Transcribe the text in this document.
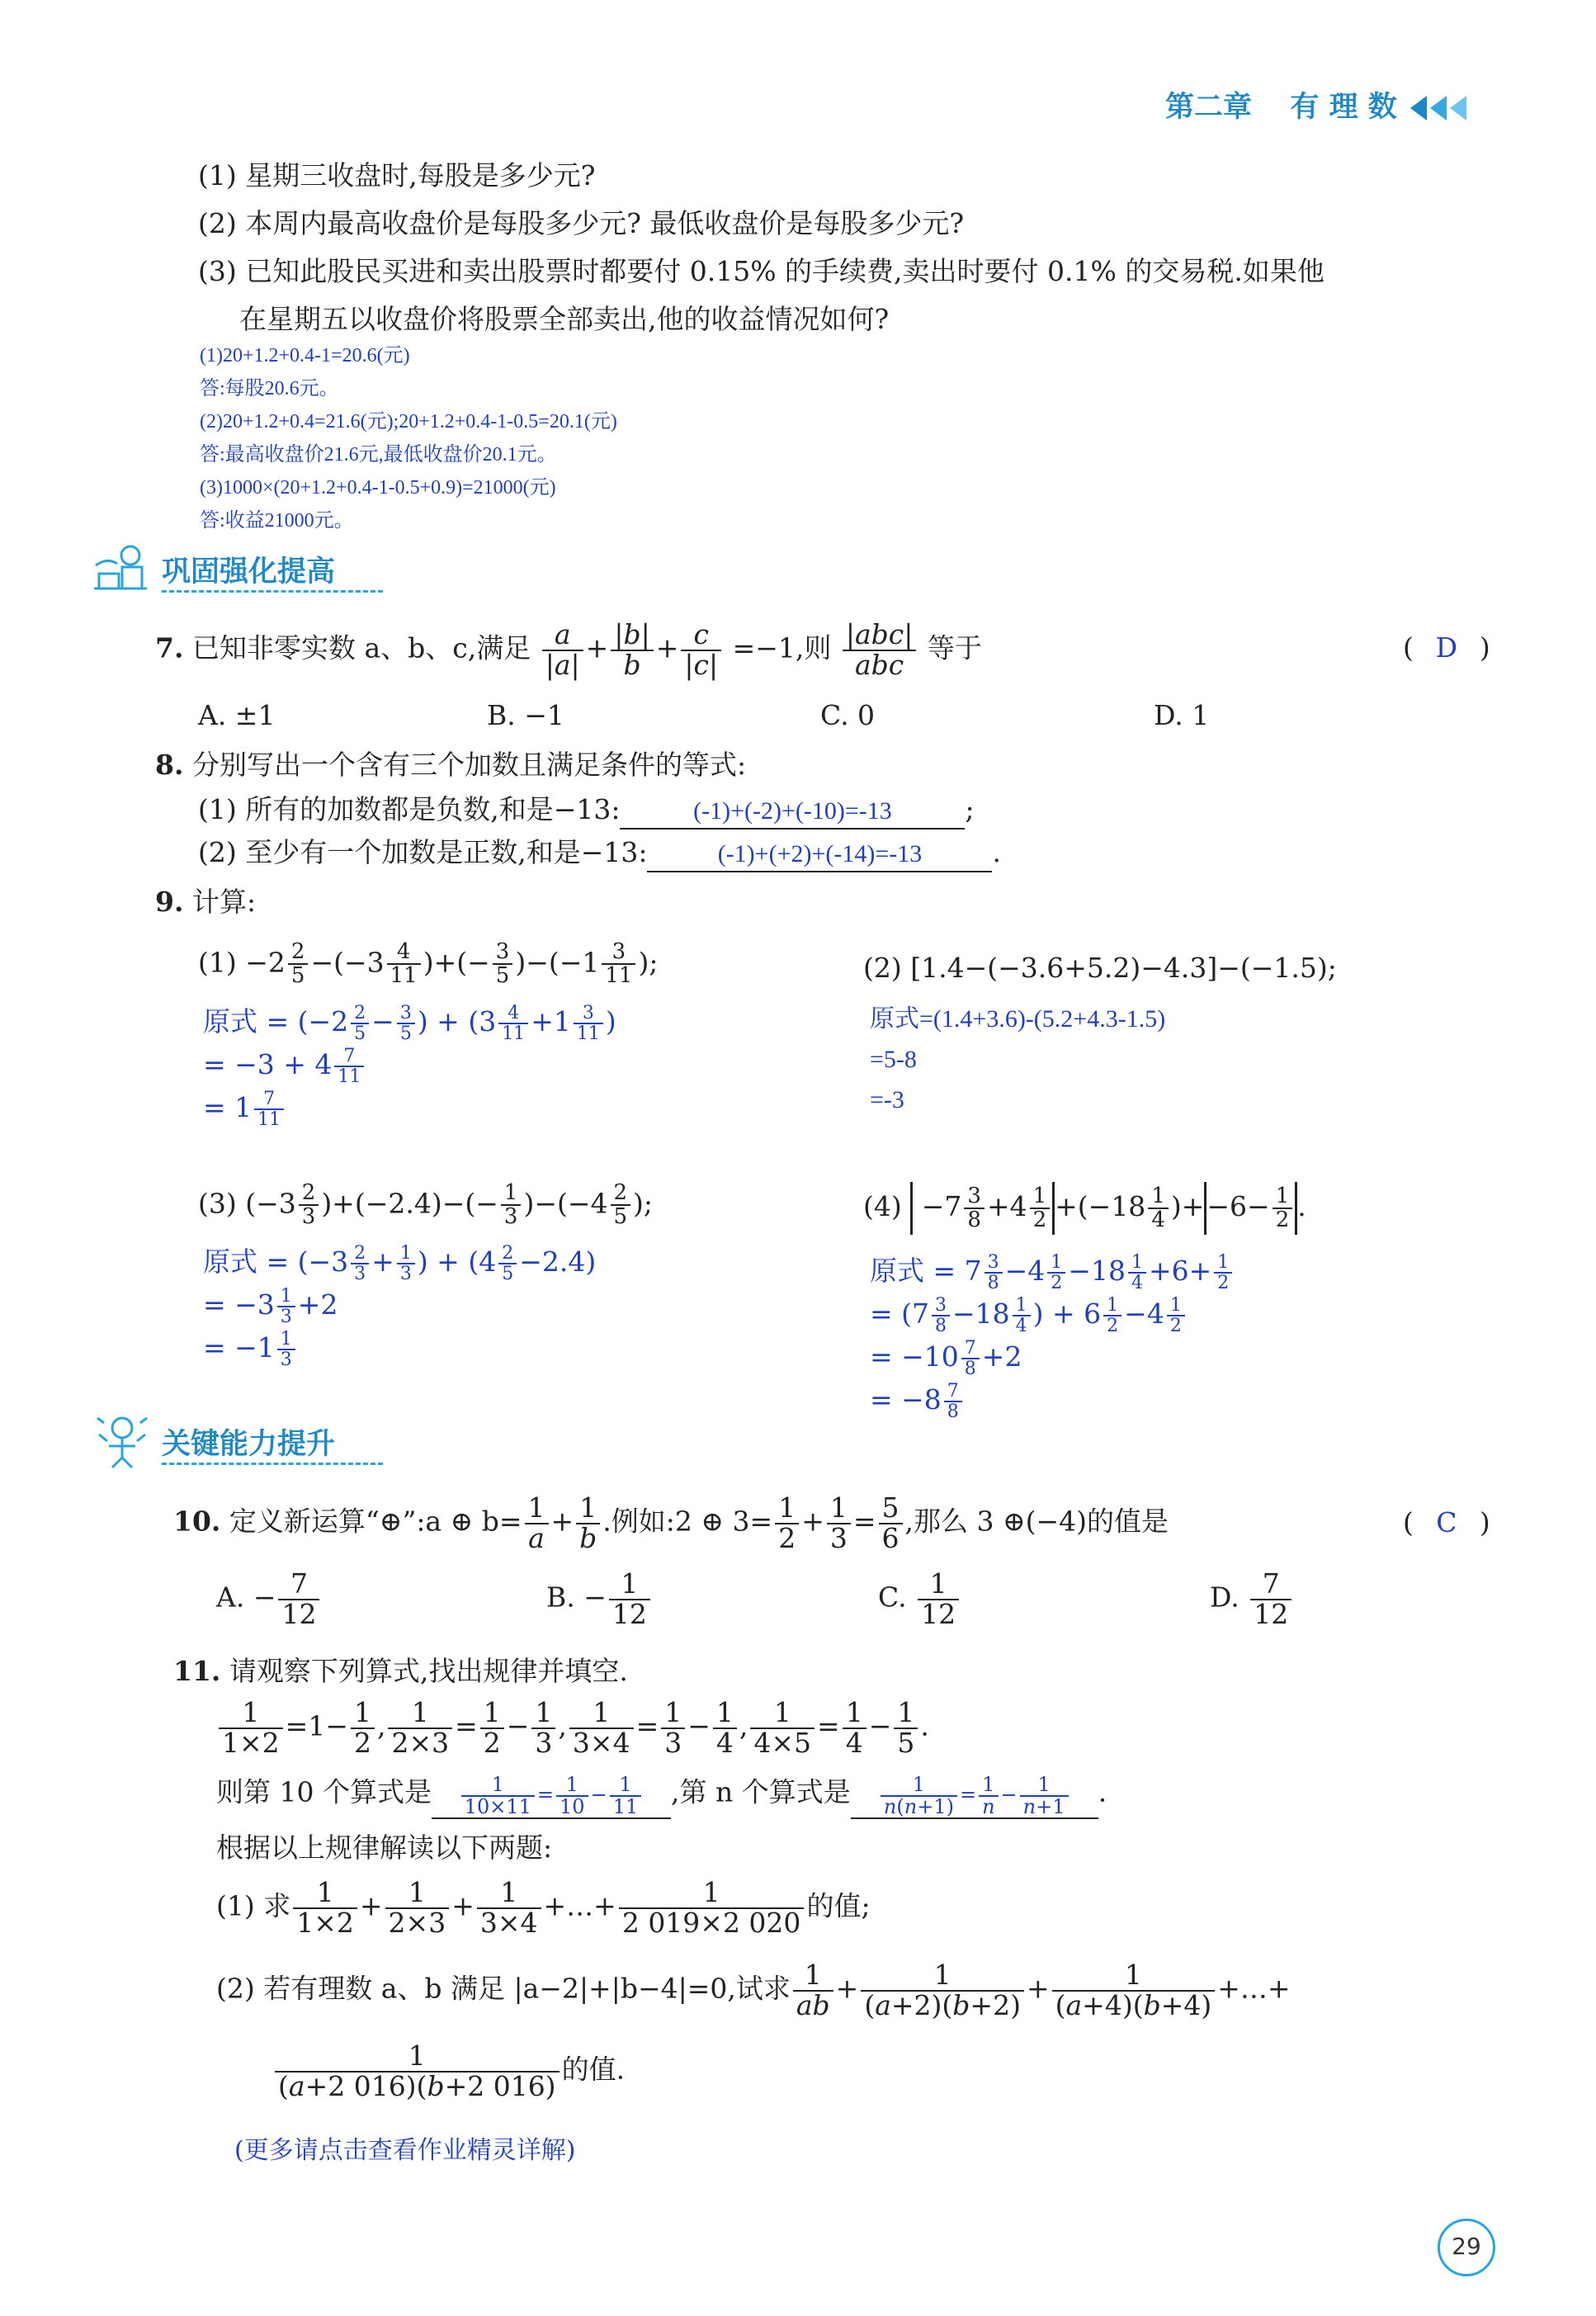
第二章 有 理 数
(1) 星期三收盘时,每股是多少元?
(2) 本周内最高收盘价是每股多少元? 最低收盘价是每股多少元?
(3) 已知此股民买进和卖出股票时都要付 0.15% 的手续费,卖出时要付 0.1% 的交易税.如果他
在星期五以收盘价将股票全部卖出,他的收益情况如何?
(1)20+1.2+0.4-1=20.6(元)
答:每股20.6元。
(2)20+1.2+0.4=21.6(元);20+1.2+0.4-1-0.5=20.1(元)
答:最高收盘价21.6元,最低收盘价20.1元。
(3)1000×(20+1.2+0.4-1-0.5+0.9)=21000(元)
答:收益21000元。
巩固强化提高
7. 已知非零实数 a、b、c,满足 $\frac{a}{|a|} + \frac{|b|}{b} + \frac{c}{|c|} =-1$,则 |abc|
abc
等于	( D )
A. ±1	B. −1	C. 0	D. 1
8. 分别写出一个含有三个加数且满足条件的等式:
(1) 所有的加数都是负数,和是−13:	(-1)+(-2)+(-10)=-13	;
(2) 至少有一个加数是正数,和是−13:	(-1)+(+2)+(-14)=-13	.
9. 计算:
$(1) -2 \frac{2}{5} -(-3 \frac{4}{11}$ )+(− $\frac{3}{5} )-(-1 \frac{3}{11}$ );
原式 = ($-2 \frac{2}{5} - \frac{3}{5}$ ) + ($3 \frac{4}{11} +1 \frac{3}{11}$ )
= $-3 + 4 \frac{7}{11}$

= $1 \frac{7}{11}$
(2) [1.4−(−3.6+5.2)−4.3]−(−1.5);
原式=(1.4+3.6)-(5.2+4.3-1.5)
=5-8
=-3
(3) $(-3 \frac{2}{3} )+(-2.4)-(- \frac{1}{3} )-(-4 \frac{2}{5}$ );
原式 = ($-3 \frac{2}{3} + \frac{1}{3}$ ) + $(4 \frac{2}{5} -2.4)$
= $-3 \frac{1}{3} +2$
= $-1 \frac{1}{3}$
$(4) -7 \frac{3}{8} +4 \frac{1}{2} +(-18 \frac{1}{4} )+-6- \frac{1}{2}$ .
原式 = $7 \frac{3}{8} -4 \frac{1}{2} -18 \frac{1}{4} +6+ \frac{1}{2}$

= ($7 \frac{3}{8} -18 \frac{1}{4}$ ) + $6 \frac{1}{2} -4 \frac{1}{2}$

= $-10 \frac{7}{8} +2$
= $-8 \frac{7}{8}$
关键能力提升
10. 定义新运算“⊕”:a ⊕ $b= \frac{1}{a} + \frac{1}{b}$ .例如:2 ⊕ $3= \frac{1}{2} + \frac{1}{3} = \frac{5}{6}$ ,那么 3 ⊕(−4)的值是	( C )
A. − $\frac{7}{12}$	B. − $\frac{1}{12}$	C. $\frac{1}{12}$	D. $\frac{7}{12}$
11. 请观察下列算式,找出规律并填空.
$\frac{1}{1\times 2} =1- \frac{1}{2}$ , $\frac{1}{2\times 3} = \frac{1}{2} - \frac{1}{3}$ , $\frac{1}{3\times 4} = \frac{1}{3} - \frac{1}{4}$ , $\frac{1}{4\times 5} = \frac{1}{4} - \frac{1}{5}$ .
则第 10 个算式是 $\frac{1}{10\times 11} = \frac{1}{10} - \frac{1}{11}$ ,第 n 个算式是 $\frac{1}{n(n+1)} = \frac{1}{n} - \frac{1}{n+1}$ .
根据以上规律解读以下两题:
(1) 求 $\frac{1}{1\times 2} + \frac{1}{2\times 3} + \frac{1}{3\times 4}$ +…+ $\frac{1}{2 019\times 2 020}$ 的值;
(2) 若有理数 a、b 满足 |a−2|+|b−4|=0,试求 $\frac{1}{ab} + \frac{1}{(a+2)(b+2)} + \frac{1}{(a+4)(b+4)}$ +…+
$\frac{1}{(a+2 016)(b+2 016)}$ 的值.
(更多请点击查看作业精灵详解)
29
